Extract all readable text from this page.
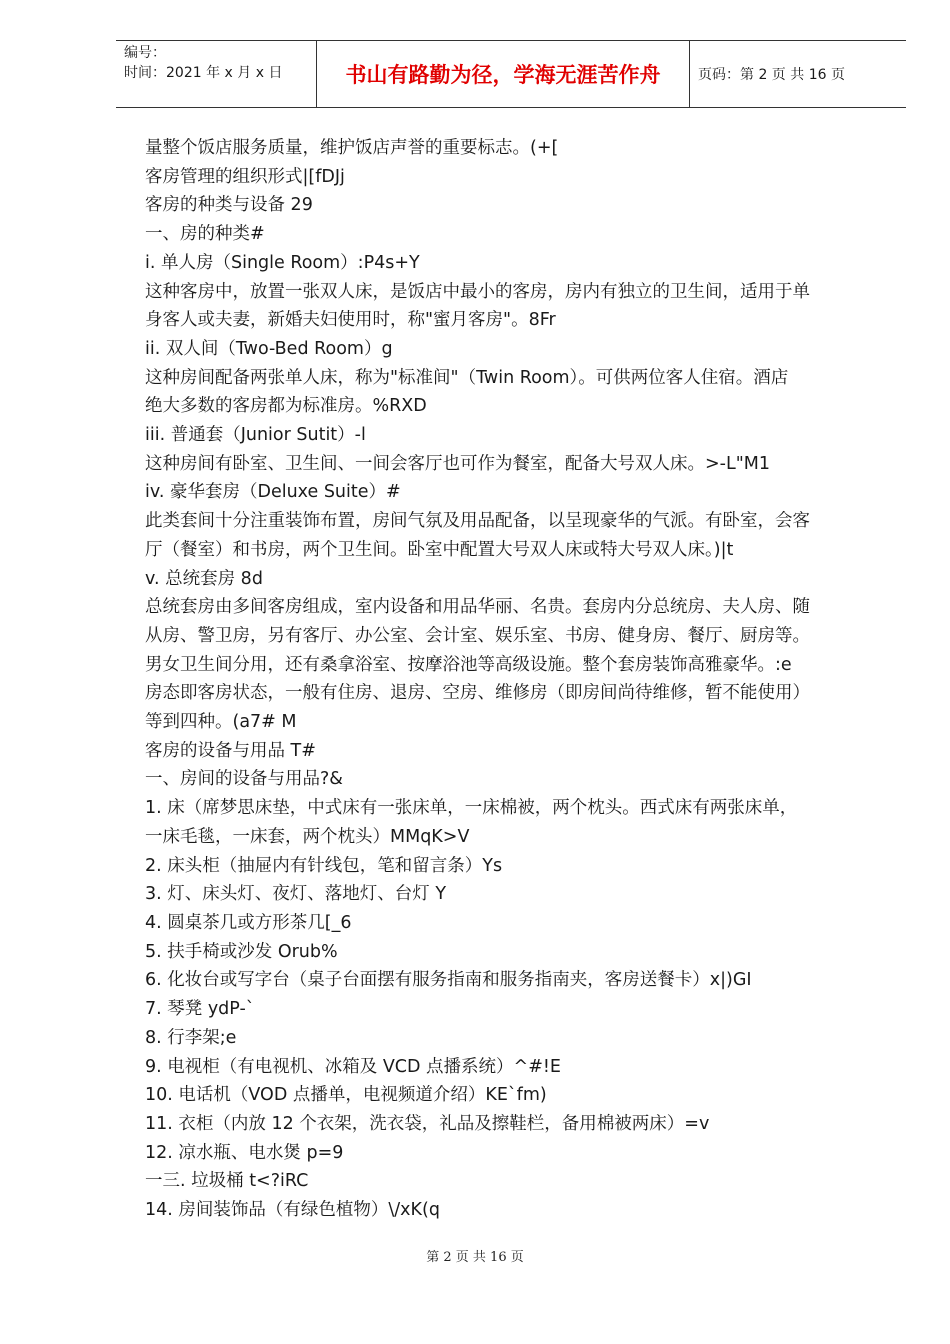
编号：
时间：2021 年 x 月 x 日	书山有路勤为径，学海无涯苦作舟	页码：第 2 页 共 16 页

量整个饭店服务质量，维护饭店声誉的重要标志。(+[

客房管理的组织形式|[fDJj

客房的种类与设备 29

一、房的种类#

i. 单人房（Single Room）:P4s+Y

这种客房中，放置一张双人床，是饭店中最小的客房，房内有独立的卫生间，适用于单

身客人或夫妻，新婚夫妇使用时，称"蜜月客房"。8Fr

ii. 双人间（Two-Bed Room）g

这种房间配备两张单人床，称为"标准间"（Twin Room）。可供两位客人住宿。酒店

绝大多数的客房都为标准房。%RXD

iii. 普通套（Junior Sutit）-l

这种房间有卧室、卫生间、一间会客厅也可作为餐室，配备大号双人床。>-L"M1

iv. 豪华套房（Deluxe Suite）#

此类套间十分注重装饰布置，房间气氛及用品配备，以呈现豪华的气派。有卧室，会客

厅（餐室）和书房，两个卫生间。卧室中配置大号双人床或特大号双人床。)|t

v. 总统套房 8d

总统套房由多间客房组成，室内设备和用品华丽、名贵。套房内分总统房、夫人房、随

从房、警卫房，另有客厅、办公室、会计室、娱乐室、书房、健身房、餐厅、厨房等。

男女卫生间分用，还有桑拿浴室、按摩浴池等高级设施。整个套房装饰高雅豪华。:e

房态即客房状态，一般有住房、退房、空房、维修房（即房间尚待维修，暂不能使用）

等到四种。(a7# M

客房的设备与用品 T#

一、房间的设备与用品?&

1. 床（席梦思床垫，中式床有一张床单，一床棉被，两个枕头。西式床有两张床单，

一床毛毯，一床套，两个枕头）MMqK>V

2. 床头柜（抽屉内有针线包，笔和留言条）Ys

3. 灯、床头灯、夜灯、落地灯、台灯 Y

4. 圆桌茶几或方形茶几[_6

5. 扶手椅或沙发 Orub%

6. 化妆台或写字台（桌子台面摆有服务指南和服务指南夹，客房送餐卡）x|)GI

7. 琴凳 ydP-`

8. 行李架;e

9. 电视柜（有电视机、冰箱及 VCD 点播系统）^#!E

10. 电话机（VOD 点播单，电视频道介绍）KE`fm)

11. 衣柜（内放 12 个衣架，洗衣袋，礼品及擦鞋栏，备用棉被两床）=v

12. 凉水瓶、电水煲 p=9

一三. 垃圾桶 t<?iRC

14. 房间装饰品（有绿色植物）\/xK(q

第 2 页 共 16 页
